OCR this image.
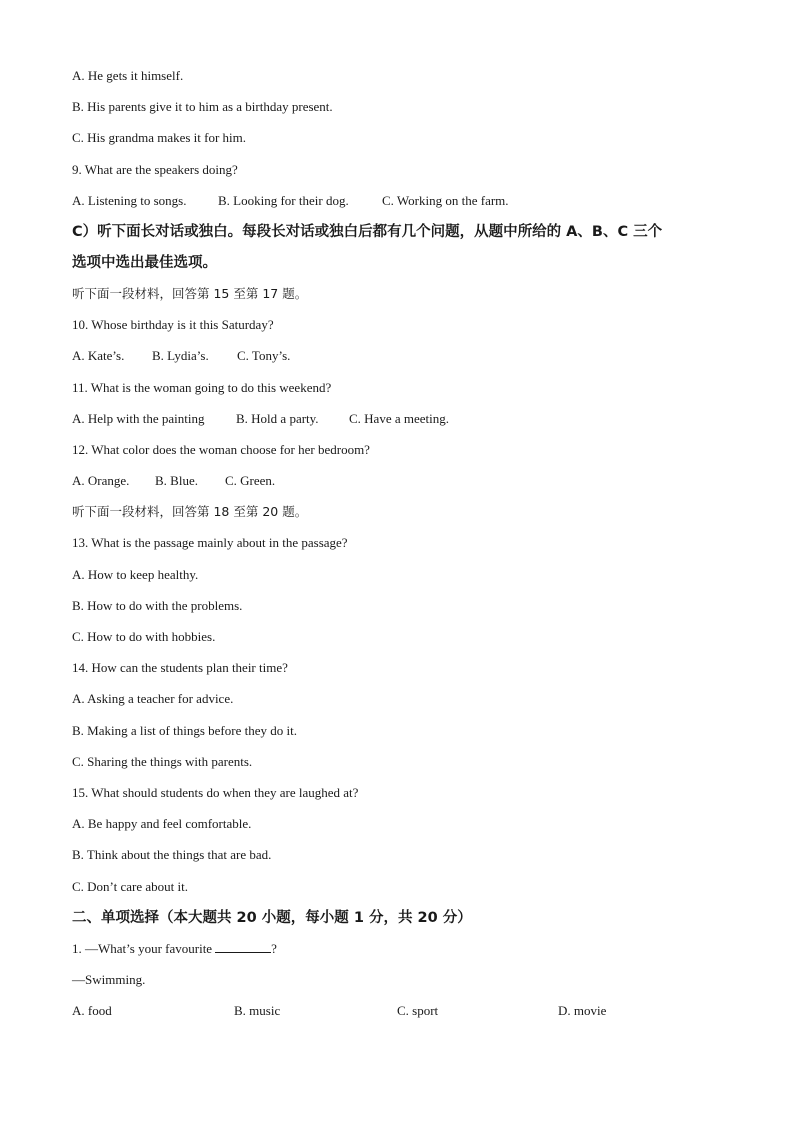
A. He gets it himself.
B. His parents give it to him as a birthday present.
C. His grandma makes it for him.
9. What are the speakers doing?
A. Listening to songs.	B. Looking for their dog.	C. Working on the farm.
C）听下面长对话或独白。每段长对话或独白后都有几个问题，从题中所给的 A、B、C 三个
选项中选出最佳选项。
听下面一段材料，回答第 15 至第 17 题。
10. Whose birthday is it this Saturday?
A. Kate’s.	B. Lydia’s.	C. Tony’s.
11. What is the woman going to do this weekend?
A. Help with the painting	B. Hold a party.	C. Have a meeting.
12. What color does the woman choose for her bedroom?
A. Orange.	B. Blue.	C. Green.
听下面一段材料，回答第 18 至第 20 题。
13. What is the passage mainly about in the passage?
A. How to keep healthy.
B. How to do with the problems.
C. How to do with hobbies.
14. How can the students plan their time?
A. Asking a teacher for advice.
B. Making a list of things before they do it.
C. Sharing the things with parents.
15. What should students do when they are laughed at?
A. Be happy and feel comfortable.
B. Think about the things that are bad.
C. Don’t care about it.
二、单项选择（本大题共 20 小题，每小题 1 分，共 20 分）
1. —What’s your favourite	?
—Swimming.
A. food	B. music	C. sport	D. movie
